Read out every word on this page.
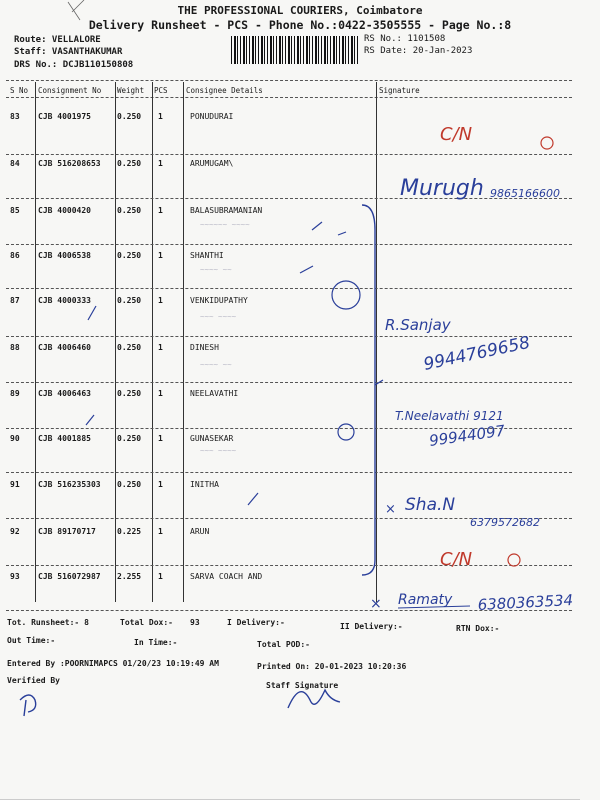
THE PROFESSIONAL COURIERS, Coimbatore
Delivery Runsheet - PCS - Phone No.:0422-3505555 - Page No.:8
Route: VELLALORE
Staff: VASANTHAKUMAR
DRS No.: DCJB110150808
RS No.: 1101508
RS Date: 20-Jan-2023
S No Consignment No Weight PCS Consignee Details	Signature
83 CJB 4001975	0.250 1	PONUDURAI
84 CJB 516208653 0.250 1	ARUMUGAM\
85 CJB 4000420	0.250 1	BALASUBRAMANIAN
86 CJB 4006538	0.250 1	SHANTHI
87 CJB 4000333	0.250 1	VENKIDUPATHY
88 CJB 4006460	0.250 1	DINESH
89 CJB 4006463	0.250 1	NEELAVATHI
90 CJB 4001885	0.250 1	GUNASEKAR
91 CJB 516235303 0.250 1	INITHA
92 CJB 89170717	0.225 1	ARUN
93 CJB 516072987 2.255 1	SARVA COACH AND
Tot. Runsheet:- 8	Total Dox:- 93	I Delivery:-	II Delivery:-	RTN Dox:-
Out Time:-	In Time:-	Total POD:-
Entered By :POORNIMAPCS 01/20/23 10:19:49 AM	Printed On: 20-01-2023 10:20:36
Verified By
Staff Signature
C/N
Murugh 9865166600
R.Sanjay
9944769658
T.Neelavathi 9121
99944097
× Sha.N
6379572682
C/N
× Ramaty 6380363534
~~~~~~ ~~~~
~~~~ ~~
~~~ ~~~~
~~~~ ~~
~~~ ~~~~
